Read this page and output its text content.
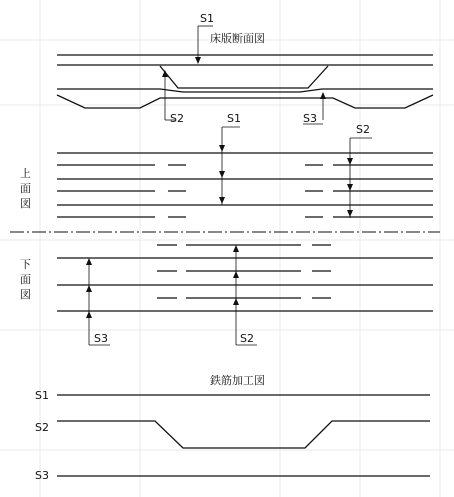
S1
床版断面図
S2	S3
上
面
図
S1
S2
下
面
図
S3	S2
鉄筋加工図
S1
S2
S3
